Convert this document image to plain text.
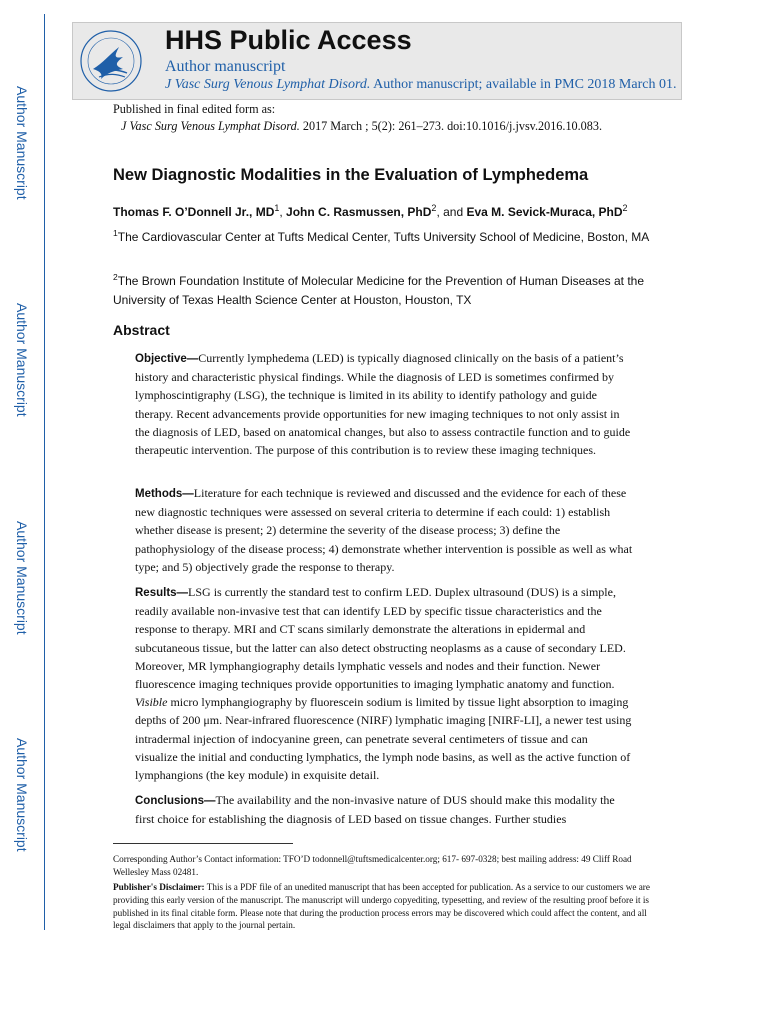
Author Manuscript
Author Manuscript
Author Manuscript
Author Manuscript
HHS Public Access
Author manuscript
J Vasc Surg Venous Lymphat Disord. Author manuscript; available in PMC 2018 March 01.
Published in final edited form as:
J Vasc Surg Venous Lymphat Disord. 2017 March ; 5(2): 261–273. doi:10.1016/j.jvsv.2016.10.083.
New Diagnostic Modalities in the Evaluation of Lymphedema
Thomas F. O’Donnell Jr., $MD^1$, John C. Rasmussen, PhD$^2$, and Eva M. Sevick-Muraca, PhD$^2$
$^1$The Cardiovascular Center at Tufts Medical Center, Tufts University School of Medicine, Boston, MA
$^2$The Brown Foundation Institute of Molecular Medicine for the Prevention of Human Diseases at the University of Texas Health Science Center at Houston, Houston, TX
Abstract
Objective—Currently lymphedema (LED) is typically diagnosed clinically on the basis of a patient’s history and characteristic physical findings. While the diagnosis of LED is sometimes confirmed by lymphoscintigraphy (LSG), the technique is limited in its ability to identify pathology and guide therapy. Recent advancements provide opportunities for new imaging techniques to not only assist in the diagnosis of LED, based on anatomical changes, but also to assess contractile function and to guide therapeutic intervention. The purpose of this contribution is to review these imaging techniques.
Methods—Literature for each technique is reviewed and discussed and the evidence for each of these new diagnostic techniques were assessed on several criteria to determine if each could: 1) establish whether disease is present; 2) determine the severity of the disease process; 3) define the pathophysiology of the disease process; 4) demonstrate whether intervention is possible as well as what type; and 5) objectively grade the response to therapy.
Results—LSG is currently the standard test to confirm LED. Duplex ultrasound (DUS) is a simple, readily available non-invasive test that can identify LED by specific tissue characteristics and the response to therapy. MRI and CT scans similarly demonstrate the alterations in epidermal and subcutaneous tissue, but the latter can also detect obstructing neoplasms as a cause of secondary LED. Moreover, MR lymphangiography details lymphatic vessels and nodes and their function. Newer fluorescence imaging techniques provide opportunities to imaging lymphatic anatomy and function. Visible micro lymphangiography by fluorescein sodium is limited by tissue light absorption to imaging depths of 200 μm. Near-infrared fluorescence (NIRF) lymphatic imaging [NIRF-LI], a newer test using intradermal injection of indocyanine green, can penetrate several centimeters of tissue and can visualize the initial and conducting lymphatics, the lymph node basins, as well as the active function of lymphangions (the key module) in exquisite detail.
Conclusions—The availability and the non-invasive nature of DUS should make this modality the first choice for establishing the diagnosis of LED based on tissue changes. Further studies
Corresponding Author’s Contact information: TFO’D todonnell@tuftsmedicalcenter.org; 617- 697-0328; best mailing address: 49 Cliff Road Wellesley Mass 02481.
Publisher's Disclaimer: This is a PDF file of an unedited manuscript that has been accepted for publication. As a service to our customers we are providing this early version of the manuscript. The manuscript will undergo copyediting, typesetting, and review of the resulting proof before it is published in its final citable form. Please note that during the production process errors may be discovered which could affect the content, and all legal disclaimers that apply to the journal pertain.
